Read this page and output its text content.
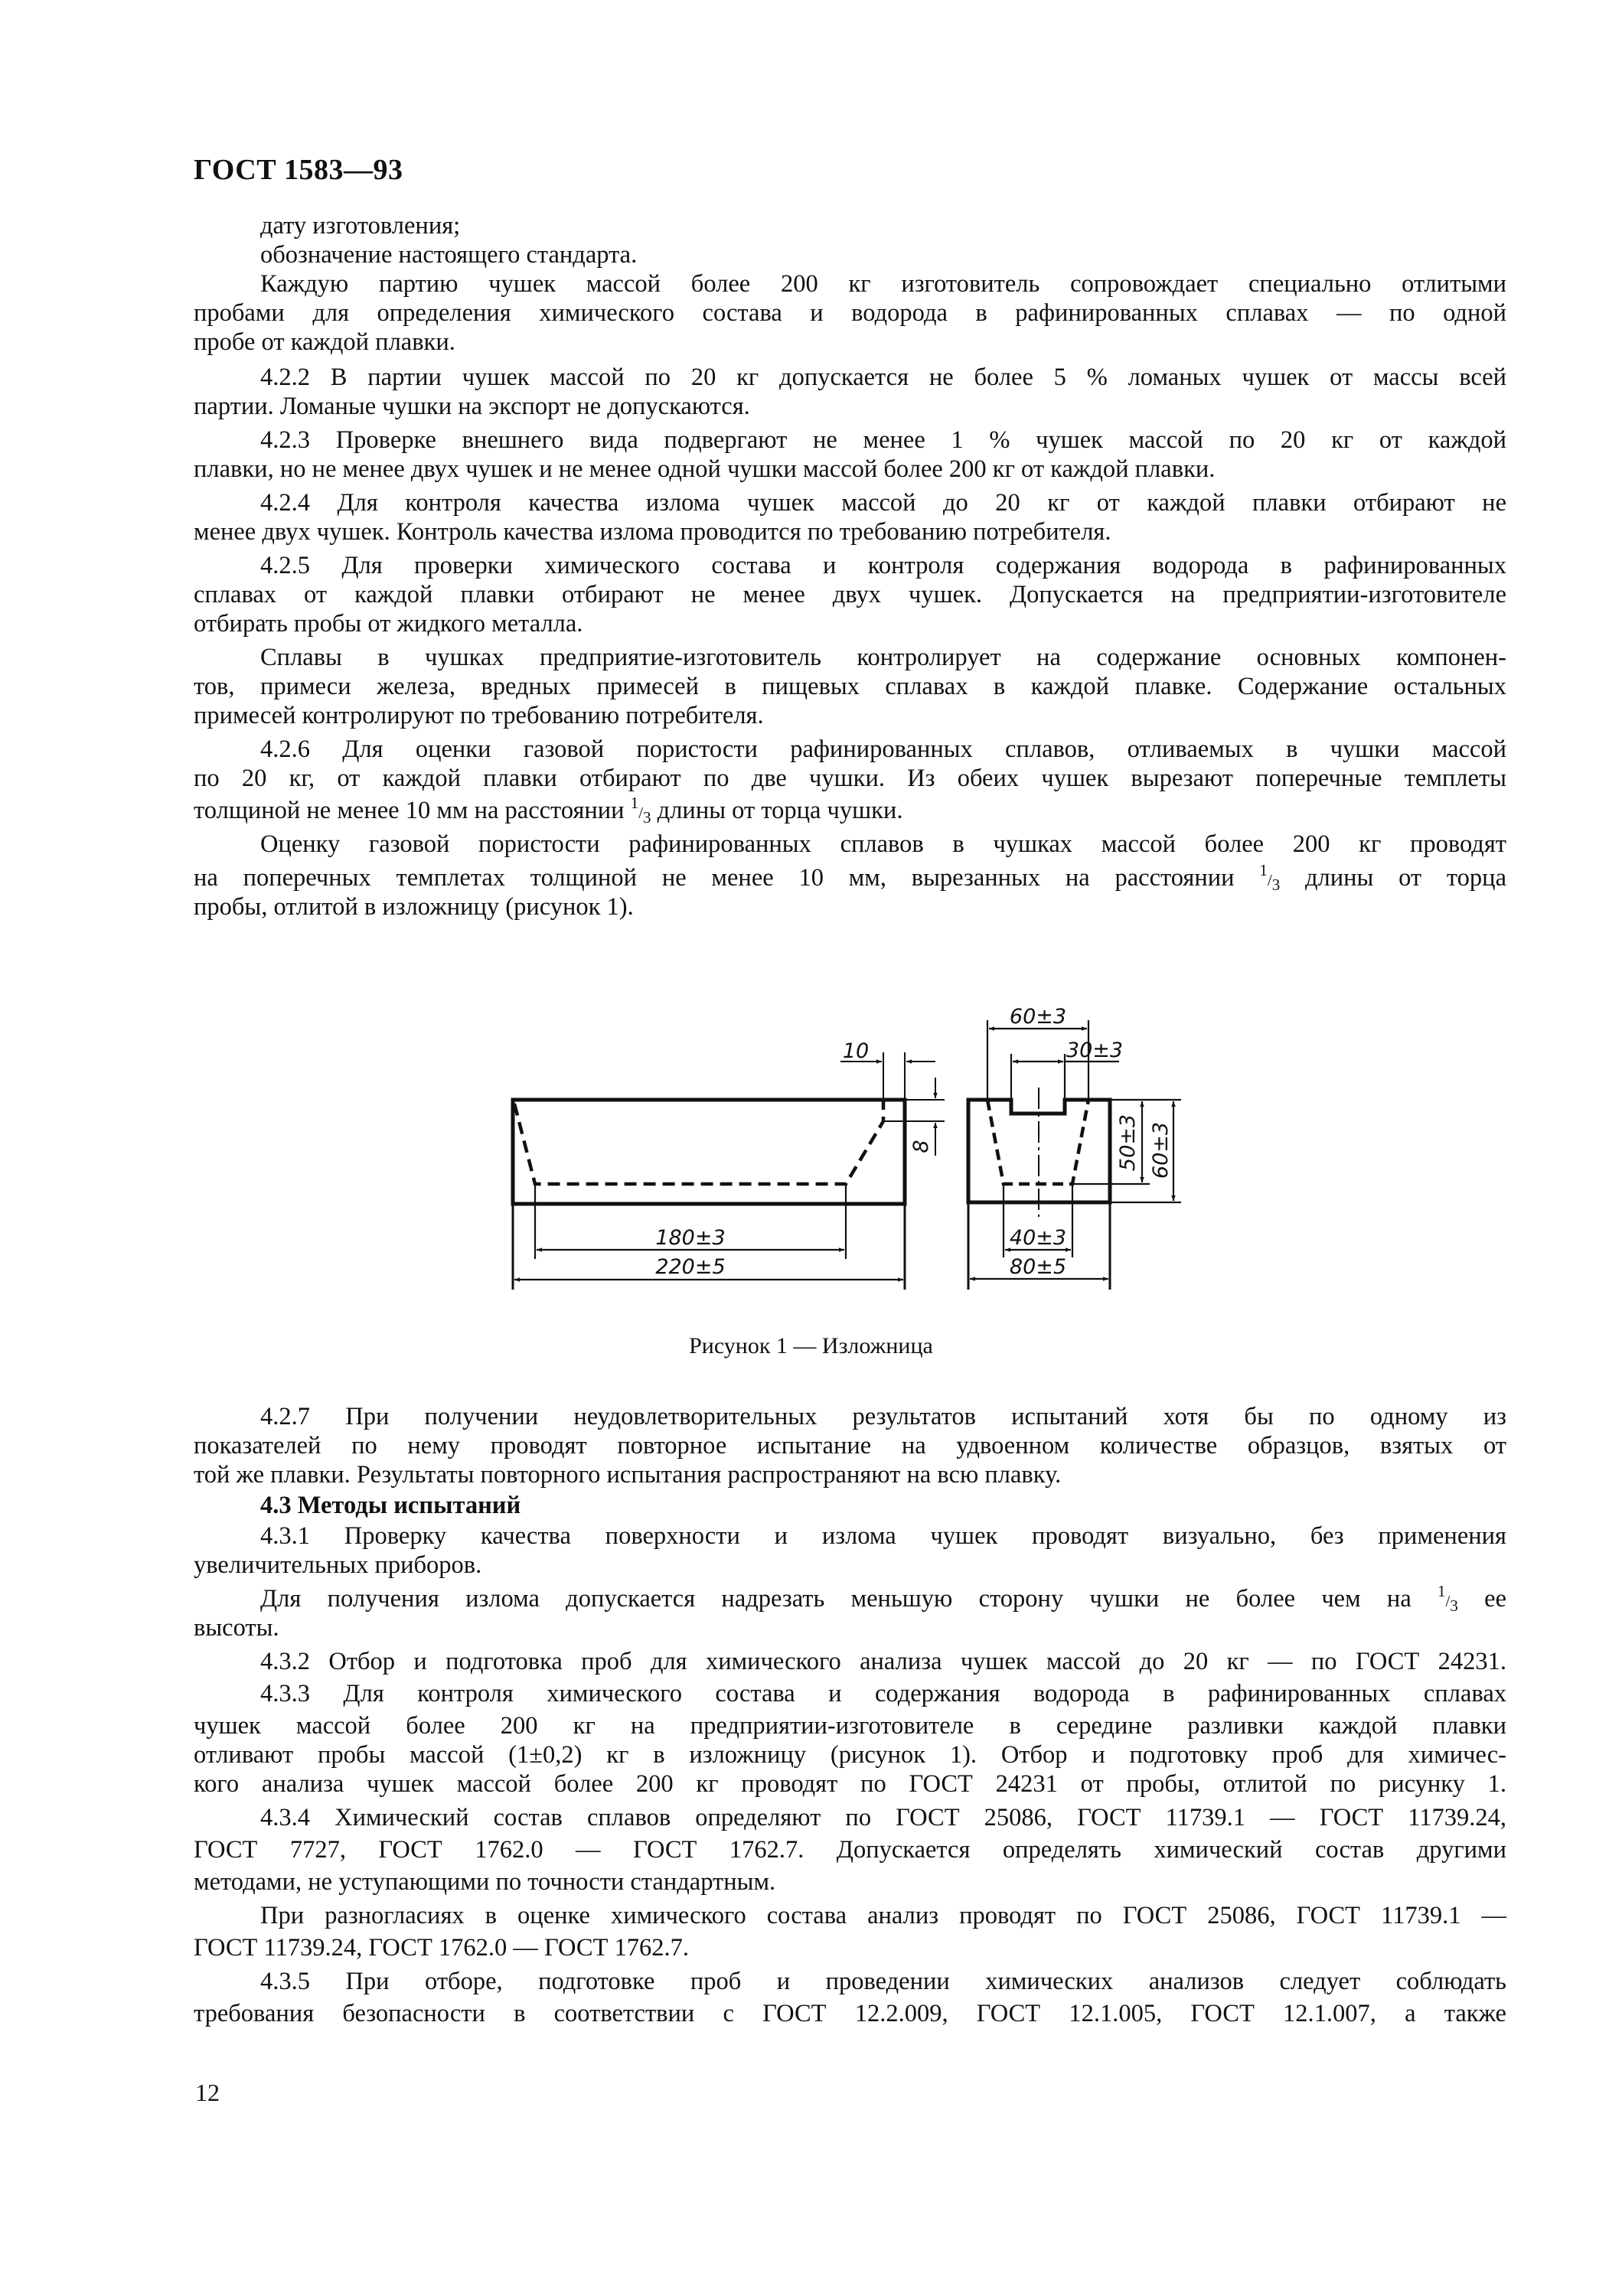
ГОСТ 1583—93
дату изготовления;
обозначение настоящего стандарта.
Каждую партию чушек массой более 200 кг изготовитель сопровождает специально отлитыми
пробами для определения химического состава и водорода в рафинированных сплавах — по одной
пробе от каждой плавки.
4.2.2 В партии чушек массой по 20 кг допускается не более 5 % ломаных чушек от массы всей
партии. Ломаные чушки на экспорт не допускаются.
4.2.3 Проверке внешнего вида подвергают не менее 1 % чушек массой по 20 кг от каждой
плавки, но не менее двух чушек и не менее одной чушки массой более 200 кг от каждой плавки.
4.2.4 Для контроля качества излома чушек массой до 20 кг от каждой плавки отбирают не
менее двух чушек. Контроль качества излома проводится по требованию потребителя.
4.2.5 Для проверки химического состава и контроля содержания водорода в рафинированных
сплавах от каждой плавки отбирают не менее двух чушек. Допускается на предприятии-изготовителе
отбирать пробы от жидкого металла.
Сплавы в чушках предприятие-изготовитель контролирует на содержание основных компонен-
тов, примеси железа, вредных примесей в пищевых сплавах в каждой плавке. Содержание остальных
примесей контролируют по требованию потребителя.
4.2.6 Для оценки газовой пористости рафинированных сплавов, отливаемых в чушки массой
по 20 кг, от каждой плавки отбирают по две чушки. Из обеих чушек вырезают поперечные темплеты
толщиной не менее 10 мм на расстоянии 1/3 длины от торца чушки.
Оценку газовой пористости рафинированных сплавов в чушках массой более 200 кг проводят
на поперечных темплетах толщиной не менее 10 мм, вырезанных на расстоянии 1/3 длины от торца
пробы, отлитой в изложницу (рисунок 1).
4.2.7 При получении неудовлетворительных результатов испытаний хотя бы по одному из
показателей по нему проводят повторное испытание на удвоенном количестве образцов, взятых от
той же плавки. Результаты повторного испытания распространяют на всю плавку.
4.3 Методы испытаний
4.3.1 Проверку качества поверхности и излома чушек проводят визуально, без применения
увеличительных приборов.
Для получения излома допускается надрезать меньшую сторону чушки не более чем на 1/3 ее
высоты.
4.3.2 Отбор и подготовка проб для химического анализа чушек массой до 20 кг — по ГОСТ 24231.
4.3.3 Для контроля химического состава и содержания водорода в рафинированных сплавах
чушек массой более 200 кг на предприятии-изготовителе в середине разливки каждой плавки
отливают пробы массой (1±0,2) кг в изложницу (рисунок 1). Отбор и подготовку проб для химичес-
кого анализа чушек массой более 200 кг проводят по ГОСТ 24231 от пробы, отлитой по рисунку 1.
4.3.4 Химический состав сплавов определяют по ГОСТ 25086, ГОСТ 11739.1 — ГОСТ 11739.24,
ГОСТ 7727, ГОСТ 1762.0 — ГОСТ 1762.7. Допускается определять химический состав другими
методами, не уступающими по точности стандартным.
При разногласиях в оценке химического состава анализ проводят по ГОСТ 25086, ГОСТ 11739.1 —
ГОСТ 11739.24, ГОСТ 1762.0 — ГОСТ 1762.7.
4.3.5 При отборе, подготовке проб и проведении химических анализов следует соблюдать
требования безопасности в соответствии с ГОСТ 12.2.009, ГОСТ 12.1.005, ГОСТ 12.1.007, а также
180±3
220±5
10
8
60±3
30±3
40±3
80±5
50±3 60±3
Рисунок 1 — Изложница
12
